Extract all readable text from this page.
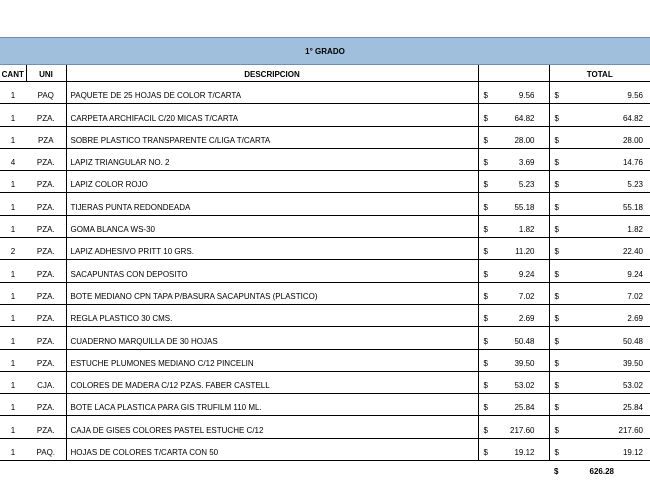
1° GRADO
CANT	UNI	DESCRIPCION		TOTAL
1	PAQ	PAQUETE DE 25 HOJAS DE COLOR T/CARTA	$ 9.56	$ 9.56

1	PZA.	CARPETA ARCHIFACIL C/20 MICAS T/CARTA	$ 64.82	$ 64.82

1	PZA	SOBRE PLASTICO TRANSPARENTE C/LIGA T/CARTA	$ 28.00	$ 28.00

4	PZA.	LAPIZ TRIANGULAR NO. 2	$ 3.69	$ 14.76

1	PZA.	LAPIZ COLOR ROJO	$ 5.23	$ 5.23

1	PZA.	TIJERAS PUNTA REDONDEADA	$ 55.18	$ 55.18

1	PZA.	GOMA BLANCA WS-30	$ 1.82	$ 1.82

2	PZA.	LAPIZ ADHESIVO PRITT 10 GRS.	$ 11.20	$ 22.40

1	PZA.	SACAPUNTAS CON DEPOSITO	$ 9.24	$ 9.24

1	PZA.	BOTE MEDIANO CPN TAPA P/BASURA SACAPUNTAS (PLASTICO)	$ 7.02	$ 7.02

1	PZA.	REGLA PLASTICO 30 CMS.	$ 2.69	$ 2.69

1	PZA.	CUADERNO MARQUILLA DE 30 HOJAS	$ 50.48	$ 50.48

1	PZA.	ESTUCHE PLUMONES MEDIANO C/12 PINCELIN	$ 39.50	$ 39.50

1	CJA.	COLORES DE MADERA C/12 PZAS. FABER CASTELL	$ 53.02	$ 53.02

1	PZA.	BOTE LACA PLASTICA PARA GIS TRUFILM 110 ML.	$ 25.84	$ 25.84

1	PZA.	CAJA DE GISES COLORES PASTEL ESTUCHE C/12	$ 217.60	$ 217.60

1	PAQ.	HOJAS DE COLORES T/CARTA CON 50	$ 19.12	$ 19.12

				$ 626.28
